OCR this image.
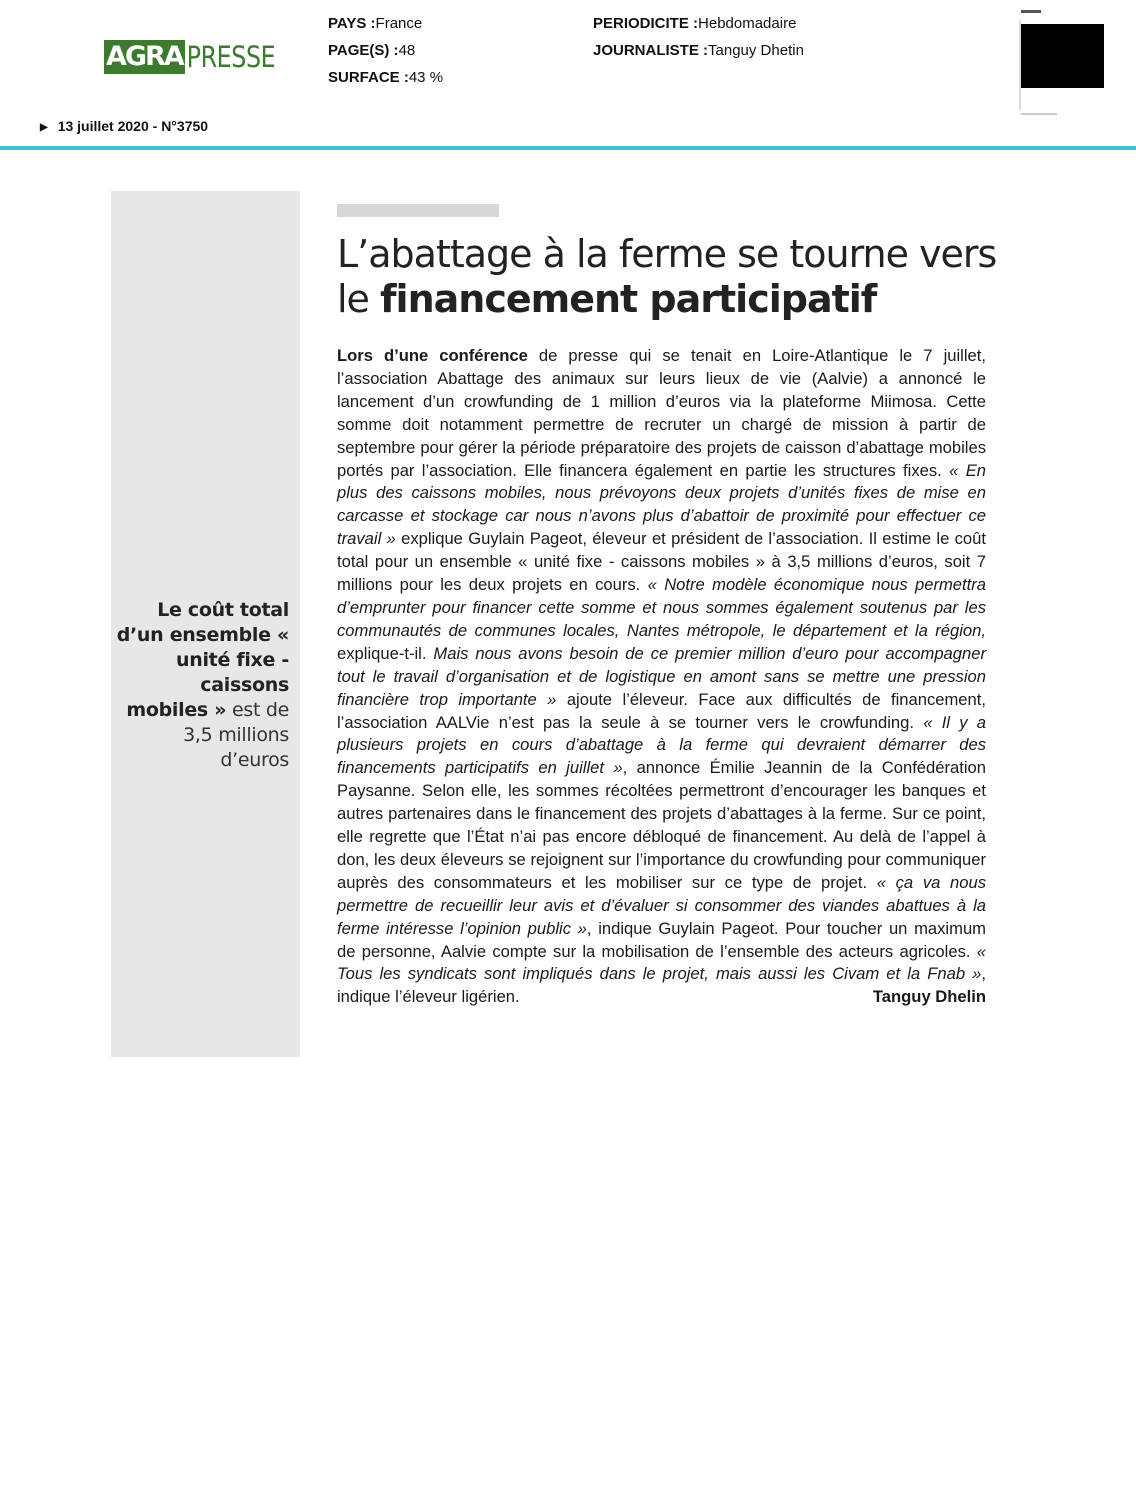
AGRA PRESSE
PAYS :France
PAGE(S) :48
SURFACE :43 %
PERIODICITE :Hebdomadaire
JOURNALISTE :Tanguy Dhetin
▶ 13 juillet 2020 - N°3750
Le coût total d’un ensemble « unité fixe - caissons mobiles » est de 3,5 millions d’euros
L’abattage à la ferme se tourne vers le financement participatif

Lors d’une conférence de presse qui se tenait en Loire-Atlantique le 7 juillet, l’association Abattage des animaux sur leurs lieux de vie (Aalvie) a annoncé le lancement d’un crowfunding de 1 million d’euros via la plateforme Miimosa. Cette somme doit notamment permettre de recruter un chargé de mission à partir de septembre pour gérer la période préparatoire des projets de caisson d’abattage mobiles portés par l’association. Elle financera également en partie les structures fixes. « En plus des caissons mobiles, nous prévoyons deux projets d’unités fixes de mise en carcasse et stockage car nous n’avons plus d’abattoir de proximité pour effectuer ce travail » explique Guylain Pageot, éleveur et président de l’association. Il estime le coût total pour un ensemble « unité fixe - caissons mobiles » à 3,5 millions d’euros, soit 7 millions pour les deux projets en cours. « Notre modèle économique nous permettra d’emprunter pour financer cette somme et nous sommes également soutenus par les communautés de communes locales, Nantes métropole, le département et la région, explique-t-il. Mais nous avons besoin de ce premier million d’euro pour accompagner tout le travail d’organisation et de logistique en amont sans se mettre une pression financière trop importante » ajoute l’éleveur. Face aux difficultés de financement, l’association AALVie n’est pas la seule à se tourner vers le crowfunding. « Il y a plusieurs projets en cours d’abattage à la ferme qui devraient démarrer des financements participatifs en juillet », annonce Émilie Jeannin de la Confédération Paysanne. Selon elle, les sommes récoltées permettront d’encourager les banques et autres partenaires dans le financement des projets d’abattages à la ferme. Sur ce point, elle regrette que l’État n’ai pas encore débloqué de financement. Au delà de l’appel à don, les deux éleveurs se rejoignent sur l’importance du crowfunding pour communiquer auprès des consommateurs et les mobiliser sur ce type de projet. « ça va nous permettre de recueillir leur avis et d’évaluer si consommer des viandes abattues à la ferme intéresse l’opinion public », indique Guylain Pageot. Pour toucher un maximum de personne, Aalvie compte sur la mobilisation de l’ensemble des acteurs agricoles. « Tous les syndicats sont impliqués dans le projet, mais aussi les Civam et la Fnab », indique l’éleveur ligérien.	Tanguy Dhelin
